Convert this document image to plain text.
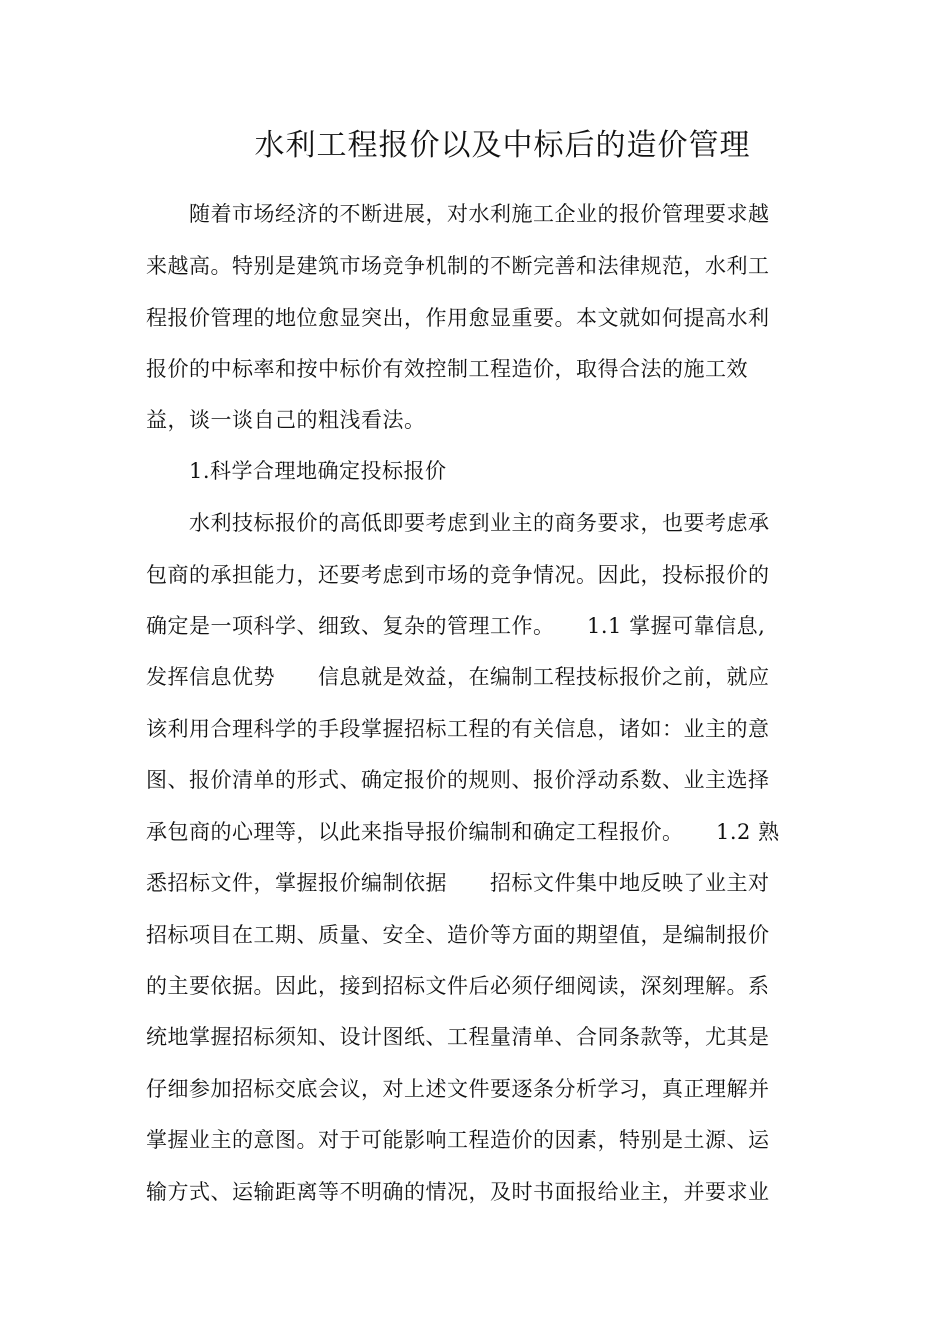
水利工程报价以及中标后的造价管理
随着市场经济的不断进展，对水利施工企业的报价管理要求越
来越高。特别是建筑市场竞争机制的不断完善和法律规范，水利工
程报价管理的地位愈显突出，作用愈显重要。本文就如何提高水利
报价的中标率和按中标价有效控制工程造价，取得合法的施工效
益，谈一谈自己的粗浅看法。
1.科学合理地确定投标报价
水利技标报价的高低即要考虑到业主的商务要求，也要考虑承
包商的承担能力，还要考虑到市场的竞争情况。因此，投标报价的
确定是一项科学、细致、复杂的管理工作。　　1.1 掌握可靠信息,
发挥信息优势　　信息就是效益，在编制工程技标报价之前，就应
该利用合理科学的手段掌握招标工程的有关信息，诸如：业主的意
图、报价清单的形式、确定报价的规则、报价浮动系数、业主选择
承包商的心理等，以此来指导报价编制和确定工程报价。　　1.2 熟
悉招标文件，掌握报价编制依据　　招标文件集中地反映了业主对
招标项目在工期、质量、安全、造价等方面的期望值，是编制报价
的主要依据。因此，接到招标文件后必须仔细阅读，深刻理解。系
统地掌握招标须知、设计图纸、工程量清单、合同条款等，尤其是
仔细参加招标交底会议，对上述文件要逐条分析学习，真正理解并
掌握业主的意图。对于可能影响工程造价的因素，特别是土源、运
输方式、运输距离等不明确的情况，及时书面报给业主，并要求业
